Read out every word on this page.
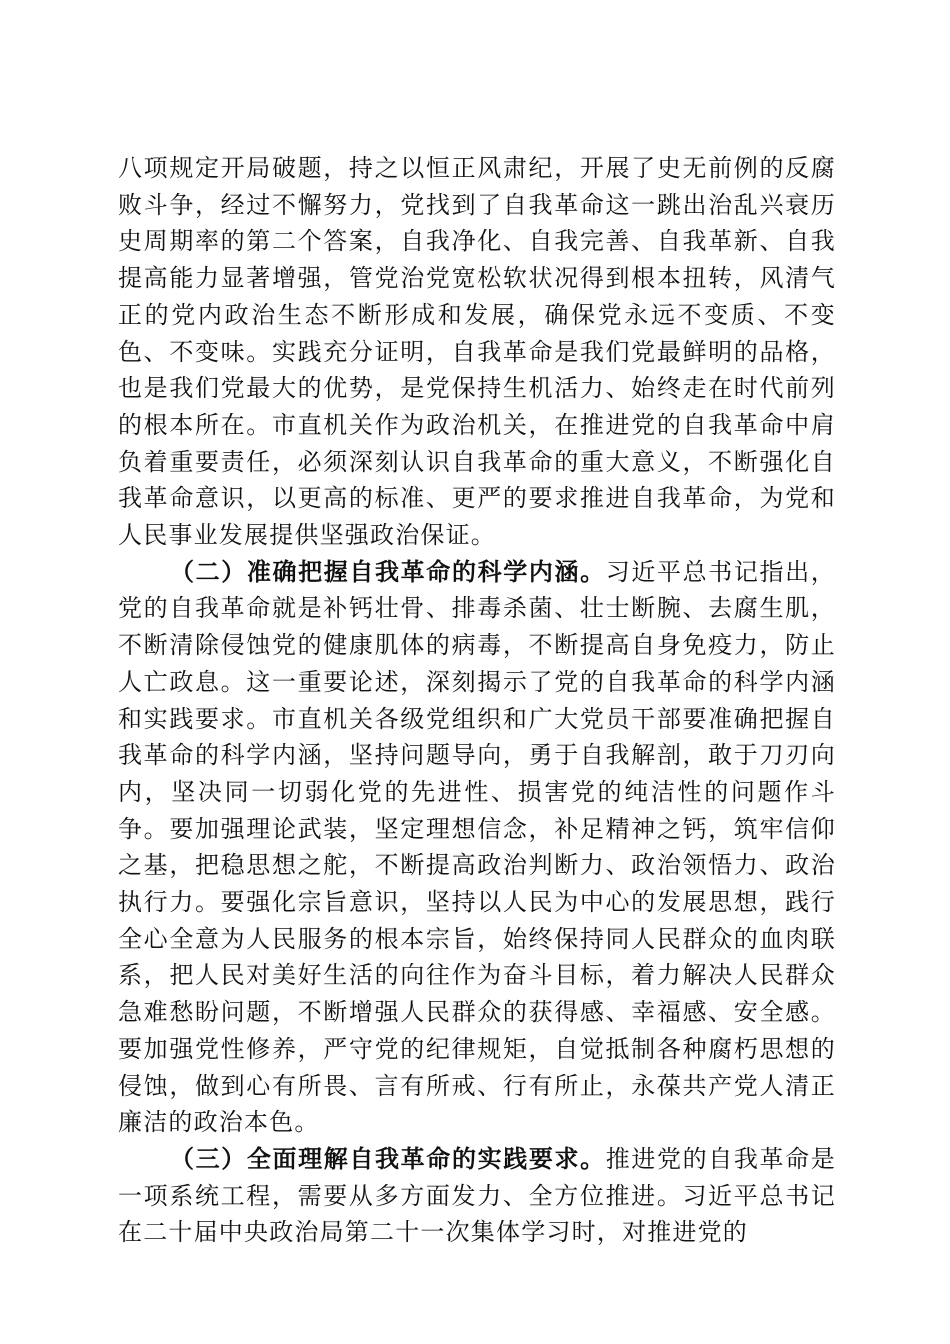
八项规定开局破题，持之以恒正风肃纪，开展了史无前例的反腐败斗争，经过不懈努力，党找到了自我革命这一跳出治乱兴衰历史周期率的第二个答案，自我净化、自我完善、自我革新、自我提高能力显著增强，管党治党宽松软状况得到根本扭转，风清气正的党内政治生态不断形成和发展，确保党永远不变质、不变色、不变味。实践充分证明，自我革命是我们党最鲜明的品格，也是我们党最大的优势，是党保持生机活力、始终走在时代前列的根本所在。市直机关作为政治机关，在推进党的自我革命中肩负着重要责任，必须深刻认识自我革命的重大意义，不断强化自我革命意识，以更高的标准、更严的要求推进自我革命，为党和人民事业发展提供坚强政治保证。

（二）准确把握自我革命的科学内涵。习近平总书记指出，党的自我革命就是补钙壮骨、排毒杀菌、壮士断腕、去腐生肌，不断清除侵蚀党的健康肌体的病毒，不断提高自身免疫力，防止人亡政息。这一重要论述，深刻揭示了党的自我革命的科学内涵和实践要求。市直机关各级党组织和广大党员干部要准确把握自我革命的科学内涵，坚持问题导向，勇于自我解剖，敢于刀刃向内，坚决同一切弱化党的先进性、损害党的纯洁性的问题作斗争。要加强理论武装，坚定理想信念，补足精神之钙，筑牢信仰之基，把稳思想之舵，不断提高政治判断力、政治领悟力、政治执行力。要强化宗旨意识，坚持以人民为中心的发展思想，践行全心全意为人民服务的根本宗旨，始终保持同人民群众的血肉联系，把人民对美好生活的向往作为奋斗目标，着力解决人民群众急难愁盼问题，不断增强人民群众的获得感、幸福感、安全感。要加强党性修养，严守党的纪律规矩，自觉抵制各种腐朽思想的侵蚀，做到心有所畏、言有所戒、行有所止，永葆共产党人清正廉洁的政治本色。

（三）全面理解自我革命的实践要求。推进党的自我革命是一项系统工程，需要从多方面发力、全方位推进。习近平总书记在二十届中央政治局第二十一次集体学习时，对推进党的
